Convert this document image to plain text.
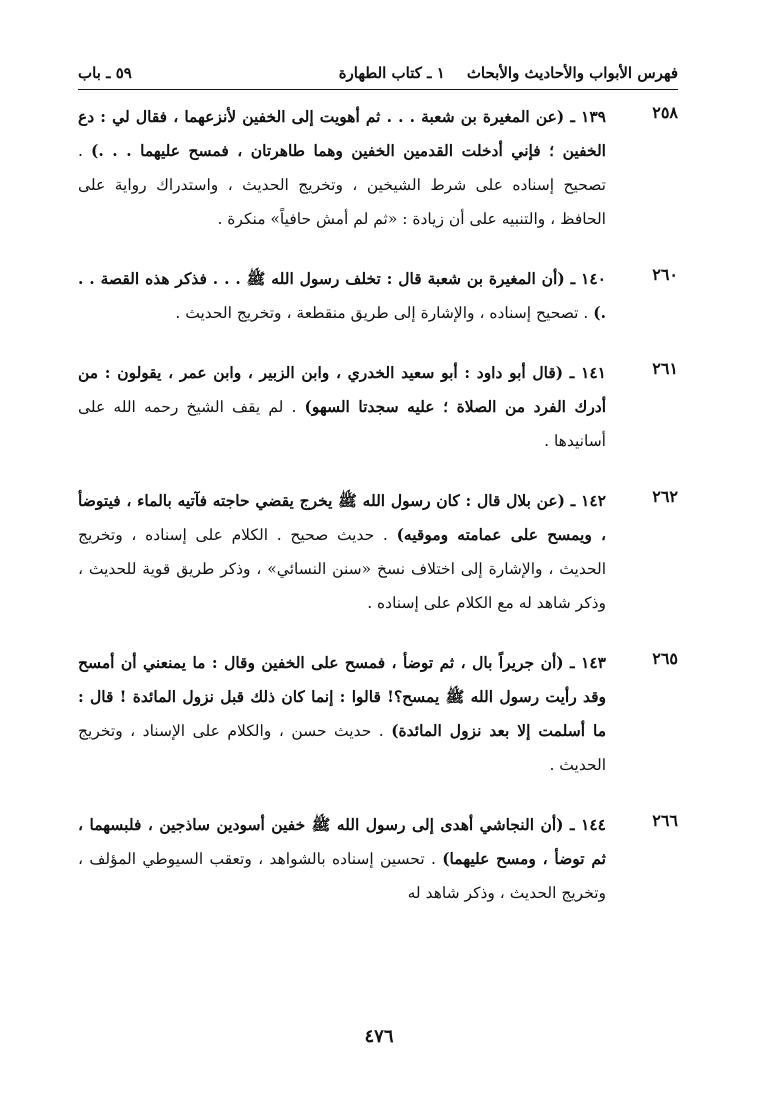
فهرس الأبواب والأحاديث والأبحاث
١ ـ كتاب الطهارة
٥٩ ـ باب
٢٥٨
١٣٩ ـ (عن المغيرة بن شعبة . . . ثم أهويت إلى الخفين لأنزعهما ، فقال لي : دع الخفين ؛ فإني أدخلت القدمين الخفين وهما طاهرتان ، فمسح عليهما . . .) . تصحيح إسناده على شرط الشيخين ، وتخريج الحديث ، واستدراك رواية على الحافظ ، والتنبيه على أن زيادة : «ثم لم أمش حافياً» منكرة .
٢٦٠
١٤٠ ـ (أن المغيرة بن شعبة قال : تخلف رسول الله ﷺ . . . فذكر هذه القصة . . .) . تصحيح إسناده ، والإشارة إلى طريق منقطعة ، وتخريج الحديث .
٢٦١
١٤١ ـ (قال أبو داود : أبو سعيد الخدري ، وابن الزبير ، وابن عمر ، يقولون : من أدرك الفرد من الصلاة ؛ عليه سجدتا السهو) . لم يقف الشيخ رحمه الله على أسانيدها .
٢٦٢
١٤٢ ـ (عن بلال قال : كان رسول الله ﷺ يخرج يقضي حاجته فآتيه بالماء ، فيتوضأ ، ويمسح على عمامته وموقيه) . حديث صحيح . الكلام على إسناده ، وتخريج الحديث ، والإشارة إلى اختلاف نسخ «سنن النسائي» ، وذكر طريق قوية للحديث ، وذكر شاهد له مع الكلام على إسناده .
٢٦٥
١٤٣ ـ (أن جريراً بال ، ثم توضأ ، فمسح على الخفين وقال : ما يمنعني أن أمسح وقد رأيت رسول الله ﷺ يمسح؟! قالوا : إنما كان ذلك قبل نزول المائدة ! قال : ما أسلمت إلا بعد نزول المائدة) . حديث حسن ، والكلام على الإسناد ، وتخريج الحديث .
٢٦٦
١٤٤ ـ (أن النجاشي أهدى إلى رسول الله ﷺ خفين أسودين ساذجين ، فلبسهما ، ثم توضأ ، ومسح عليهما) . تحسين إسناده بالشواهد ، وتعقب السيوطي المؤلف ، وتخريج الحديث ، وذكر شاهد له
٤٧٦
